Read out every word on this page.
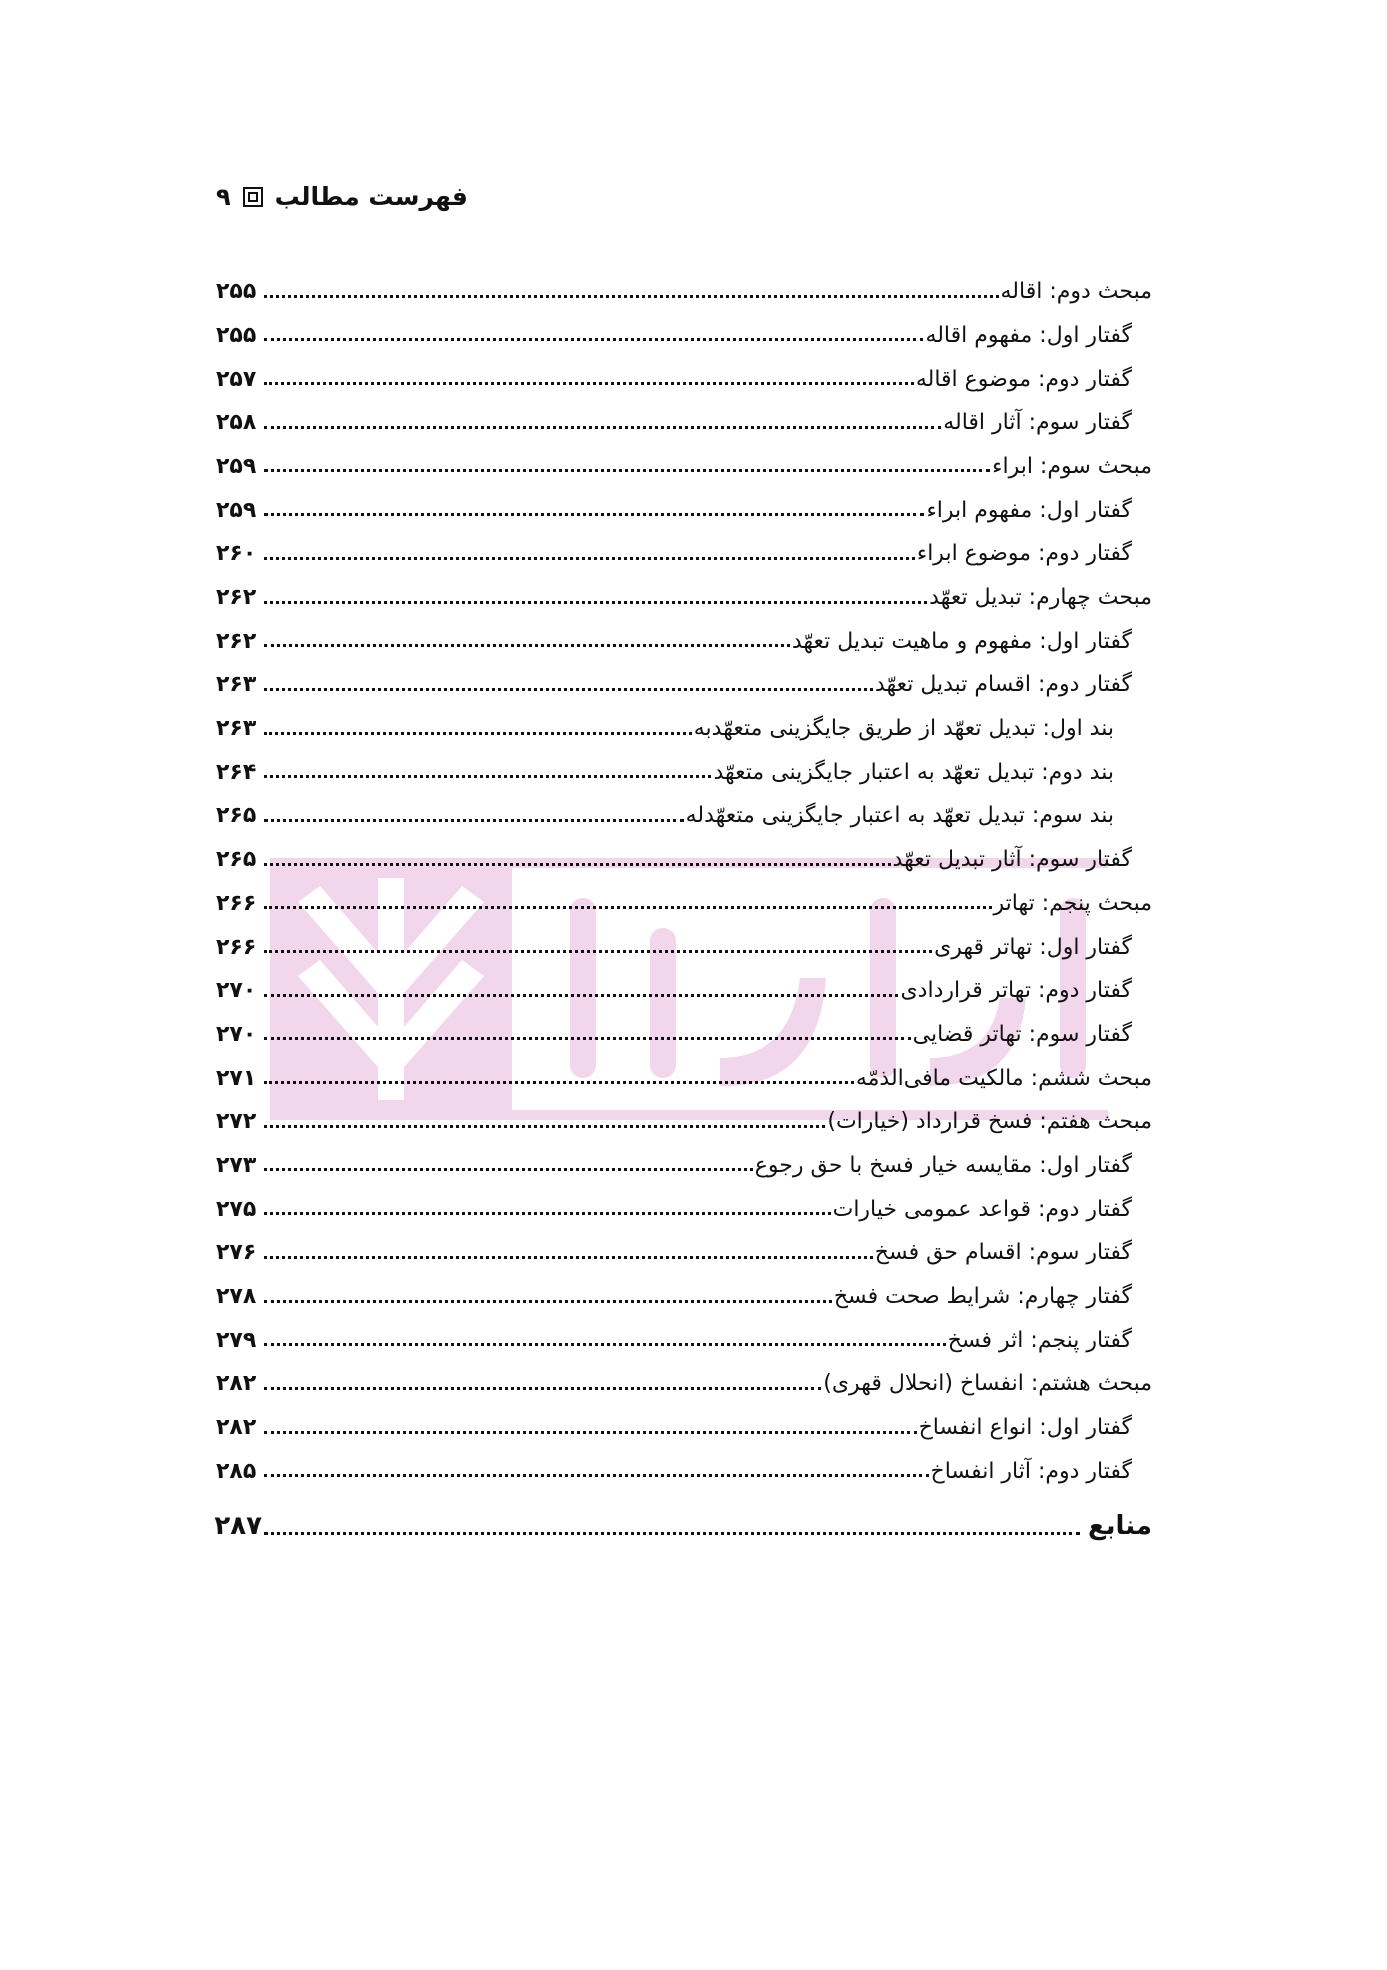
۹ فهرست مطالب
مبحث دوم: اقاله
۲۵۵
گفتار اول: مفهوم اقاله
۲۵۵
گفتار دوم: موضوع اقاله
۲۵۷
گفتار سوم: آثار اقاله
۲۵۸
مبحث سوم: ابراء
۲۵۹
گفتار اول: مفهوم ابراء
۲۵۹
گفتار دوم: موضوع ابراء
۲۶۰
مبحث چهارم: تبدیل تعهّد
۲۶۲
گفتار اول: مفهوم و ماهیت تبدیل تعهّد
۲۶۲
گفتار دوم: اقسام تبدیل تعهّد
۲۶۳
بند اول: تبدیل تعهّد از طریق جایگزینی متعهّدبه
۲۶۳
بند دوم: تبدیل تعهّد به اعتبار جایگزینی متعهّد
۲۶۴
بند سوم: تبدیل تعهّد به اعتبار جایگزینی متعهّدله
۲۶۵
گفتار سوم: آثار تبدیل تعهّد
۲۶۵
مبحث پنجم: تهاتر
۲۶۶
گفتار اول: تهاتر قهری
۲۶۶
گفتار دوم: تهاتر قراردادی
۲۷۰
گفتار سوم: تهاتر قضایی
۲۷۰
مبحث ششم: مالکیت مافی‌الذمّه
۲۷۱
مبحث هفتم: فسخ قرارداد (خیارات)
۲۷۲
گفتار اول: مقایسه خیار فسخ با حق رجوع
۲۷۳
گفتار دوم: قواعد عمومی خیارات
۲۷۵
گفتار سوم: اقسام حق فسخ
۲۷۶
گفتار چهارم: شرایط صحت فسخ
۲۷۸
گفتار پنجم: اثر فسخ
۲۷۹
مبحث هشتم: انفساخ (انحلال قهری)
۲۸۲
گفتار اول: انواع انفساخ
۲۸۲
گفتار دوم: آثار انفساخ
۲۸۵
منابع
۲۸۷
